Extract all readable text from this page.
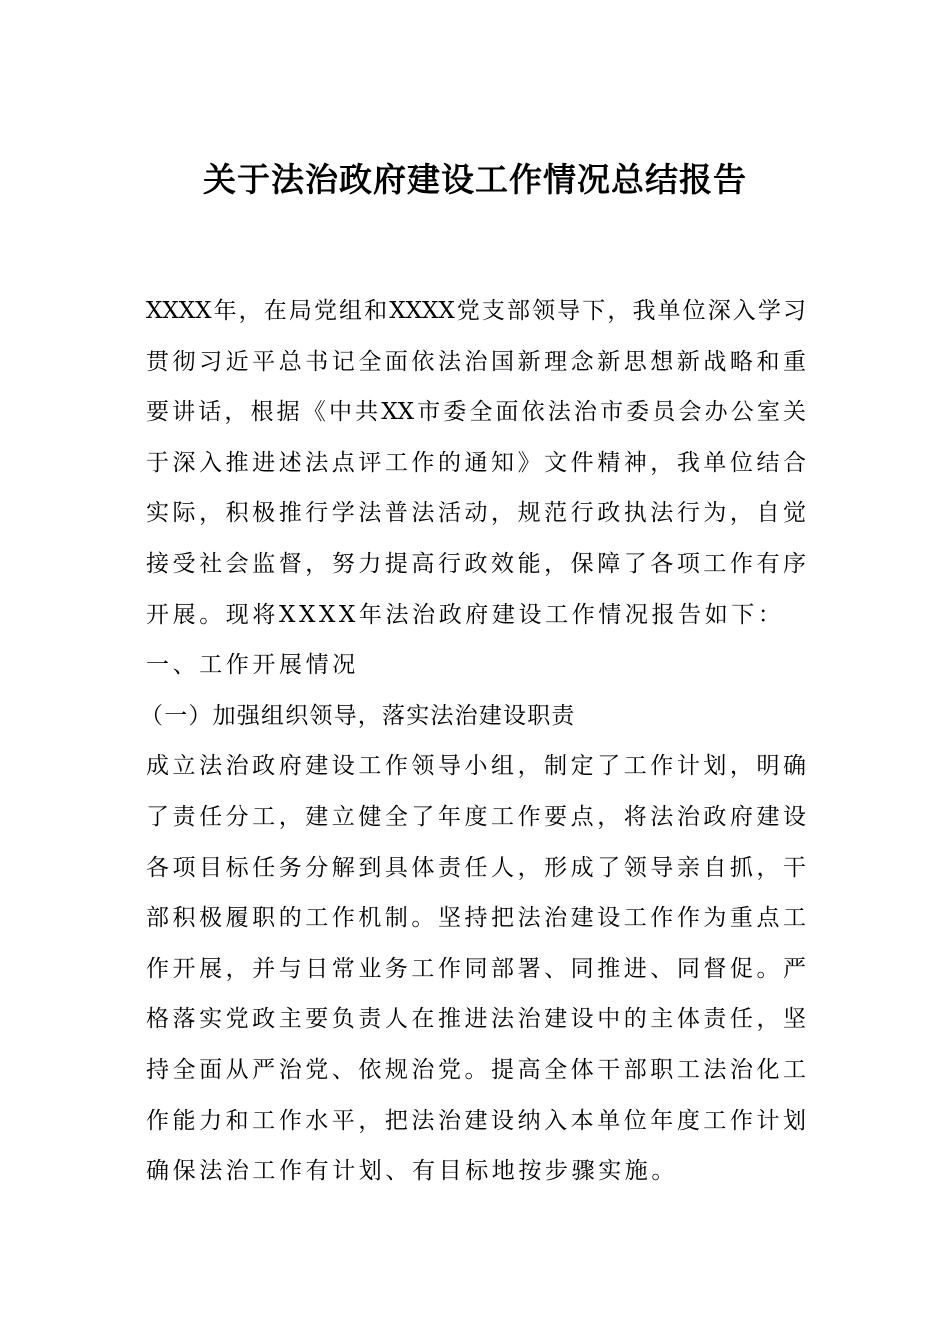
关于法治政府建设工作情况总结报告
XXXX年，在局党组和XXXX党支部领导下，我单位深入学习
贯彻习近平总书记全面依法治国新理念新思想新战略和重
要讲话，根据《中共XX市委全面依法治市委员会办公室关
于深入推进述法点评工作的通知》文件精神，我单位结合
实际，积极推行学法普法活动，规范行政执法行为，自觉
接受社会监督，努力提高行政效能，保障了各项工作有序
开展。现将XXXX年法治政府建设工作情况报告如下：
一、工作开展情况
（一）加强组织领导，落实法治建设职责
成立法治政府建设工作领导小组，制定了工作计划，明确
了责任分工，建立健全了年度工作要点，将法治政府建设
各项目标任务分解到具体责任人，形成了领导亲自抓，干
部积极履职的工作机制。坚持把法治建设工作作为重点工
作开展，并与日常业务工作同部署、同推进、同督促。严
格落实党政主要负责人在推进法治建设中的主体责任，坚
持全面从严治党、依规治党。提高全体干部职工法治化工
作能力和工作水平，把法治建设纳入本单位年度工作计划
确保法治工作有计划、有目标地按步骤实施。
